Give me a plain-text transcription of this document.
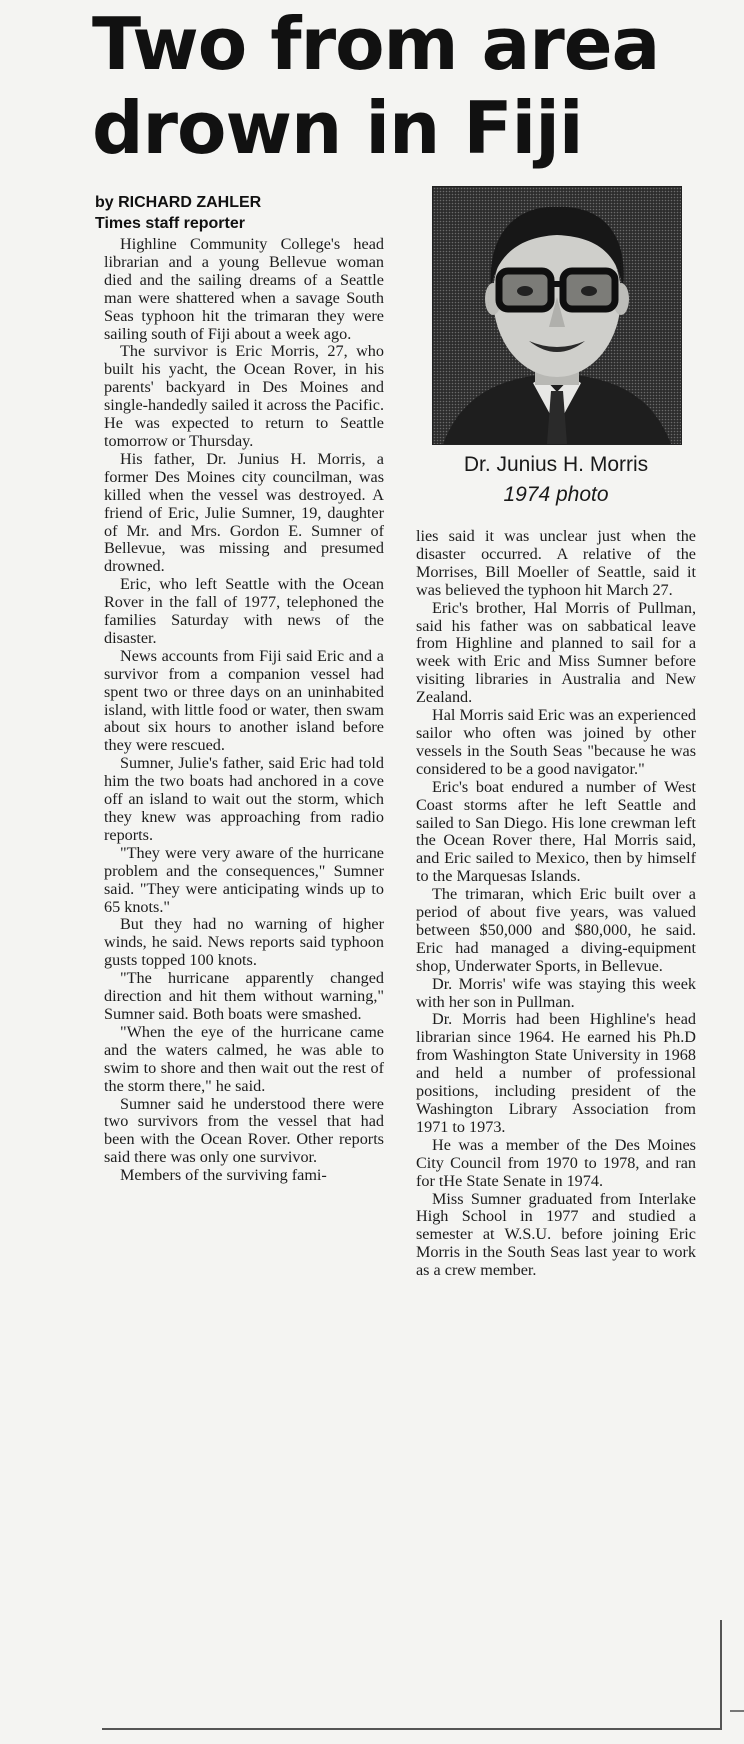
Two from area
drown in Fiji
by RICHARD ZAHLER
Times staff reporter

Highline Community College's head librarian and a young Bellevue woman died and the sailing dreams of a Seattle man were shattered when a savage South Seas typhoon hit the trimaran they were sailing south of Fiji about a week ago.

The survivor is Eric Morris, 27, who built his yacht, the Ocean Rover, in his parents' backyard in Des Moines and single-handedly sailed it across the Pacific. He was expected to return to Seattle tomorrow or Thursday.

His father, Dr. Junius H. Morris, a former Des Moines city councilman, was killed when the vessel was destroyed. A friend of Eric, Julie Sumner, 19, daughter of Mr. and Mrs. Gordon E. Sumner of Bellevue, was missing and presumed drowned.

Eric, who left Seattle with the Ocean Rover in the fall of 1977, telephoned the families Saturday with news of the disaster.

News accounts from Fiji said Eric and a survivor from a companion vessel had spent two or three days on an uninhabited island, with little food or water, then swam about six hours to another island before they were rescued.

Sumner, Julie's father, said Eric had told him the two boats had anchored in a cove off an island to wait out the storm, which they knew was approaching from radio reports.

"They were very aware of the hurricane problem and the consequences," Sumner said. "They were anticipating winds up to 65 knots."

But they had no warning of higher winds, he said. News reports said typhoon gusts topped 100 knots.

"The hurricane apparently changed direction and hit them without warning," Sumner said. Both boats were smashed.

"When the eye of the hurricane came and the waters calmed, he was able to swim to shore and then wait out the rest of the storm there," he said.

Sumner said he understood there were two survivors from the vessel that had been with the Ocean Rover. Other reports said there was only one survivor.

Members of the surviving fami-

Dr. Junius H. Morris
1974 photo

lies said it was unclear just when the disaster occurred. A relative of the Morrises, Bill Moeller of Seattle, said it was believed the typhoon hit March 27.

Eric's brother, Hal Morris of Pullman, said his father was on sabbatical leave from Highline and planned to sail for a week with Eric and Miss Sumner before visiting libraries in Australia and New Zealand.

Hal Morris said Eric was an experienced sailor who often was joined by other vessels in the South Seas "because he was considered to be a good navigator."

Eric's boat endured a number of West Coast storms after he left Seattle and sailed to San Diego. His lone crewman left the Ocean Rover there, Hal Morris said, and Eric sailed to Mexico, then by himself to the Marquesas Islands.

The trimaran, which Eric built over a period of about five years, was valued between $50,000 and $80,000, he said. Eric had managed a diving-equipment shop, Underwater Sports, in Bellevue.

Dr. Morris' wife was staying this week with her son in Pullman.

Dr. Morris had been Highline's head librarian since 1964. He earned his Ph.D from Washington State University in 1968 and held a number of professional positions, including president of the Washington Library Association from 1971 to 1973.

He was a member of the Des Moines City Council from 1970 to 1978, and ran for tHe State Senate in 1974.

Miss Sumner graduated from Interlake High School in 1977 and studied a semester at W.S.U. before joining Eric Morris in the South Seas last year to work as a crew member.
